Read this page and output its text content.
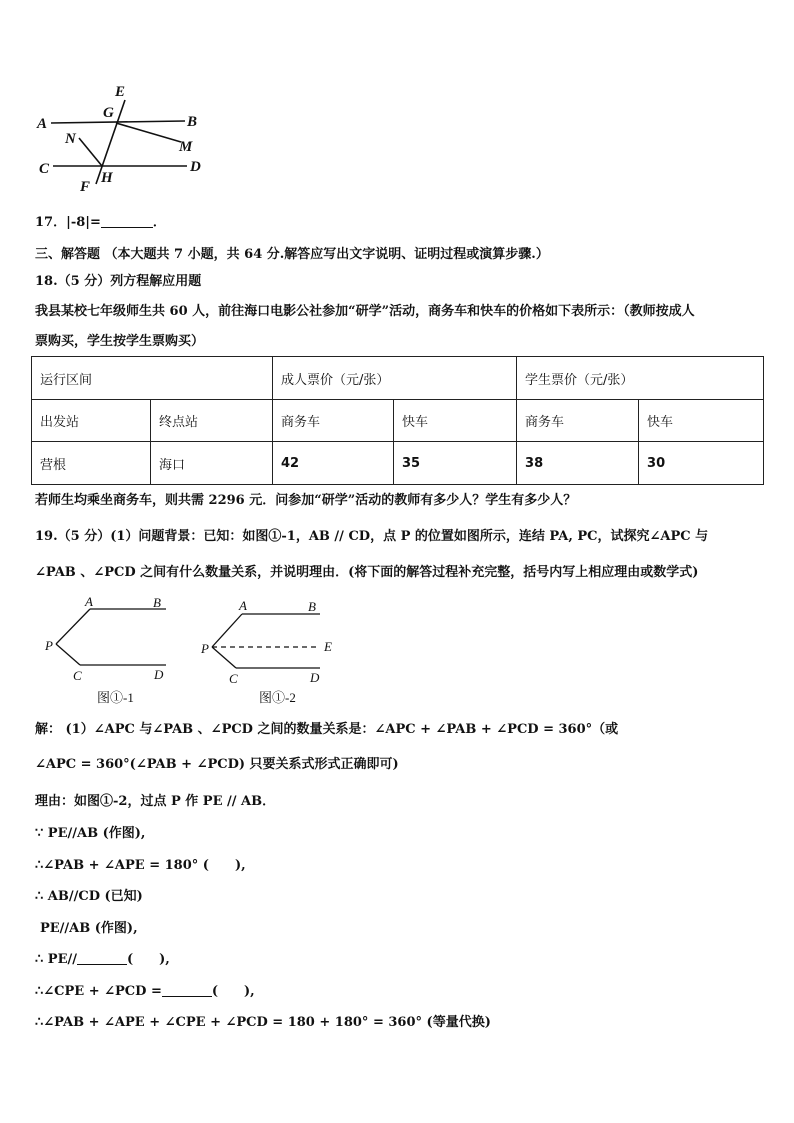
E
G
A	B
N	M
C	D
F
H
17．|-8|=	．
三、解答题 （本大题共 7 小题，共 64 分.解答应写出文字说明、证明过程或演算步骤.）
18.（5 分）列方程解应用题
我县某校七年级师生共 60 人，前往海口电影公社参加“研学”活动，商务车和快车的价格如下表所示：（教师按成人
票购买，学生按学生票购买）
运行区间		成人票价（元/张）		学生票价（元/张）	
出发站	终点站	商务车	快车	商务车	快车
营根	海口	42	35	38	30
若师生均乘坐商务车，则共需 2296 元．问参加“研学”活动的教师有多少人？学生有多少人？
19.（5 分）(1）问题背景：已知：如图①-1，AB // CD，点 P 的位置如图所示，连结 PA, PC，试探究∠APC 与
∠PAB 、∠PCD 之间有什么数量关系，并说明理由．(将下面的解答过程补充完整，括号内写上相应理由或数学式)
A	B
P
C	D
图①-1
A	B
P	E
C	D
图①-2
解： (1）∠APC 与∠PAB 、∠PCD 之间的数量关系是：∠APC + ∠PAB + ∠PCD = 360°（或
∠APC = 360°(∠PAB + ∠PCD) 只要关系式形式正确即可)
理由：如图①-2，过点 P 作 PE // AB．
∵ PE//AB (作图),
∴∠PAB + ∠APE = 180° ( ),
∴ AB//CD (已知)
PE//AB (作图),
∴ PE//	( ),
∴∠CPE + ∠PCD =	( ),
∴∠PAB + ∠APE + ∠CPE + ∠PCD = 180 + 180° = 360° (等量代换)
